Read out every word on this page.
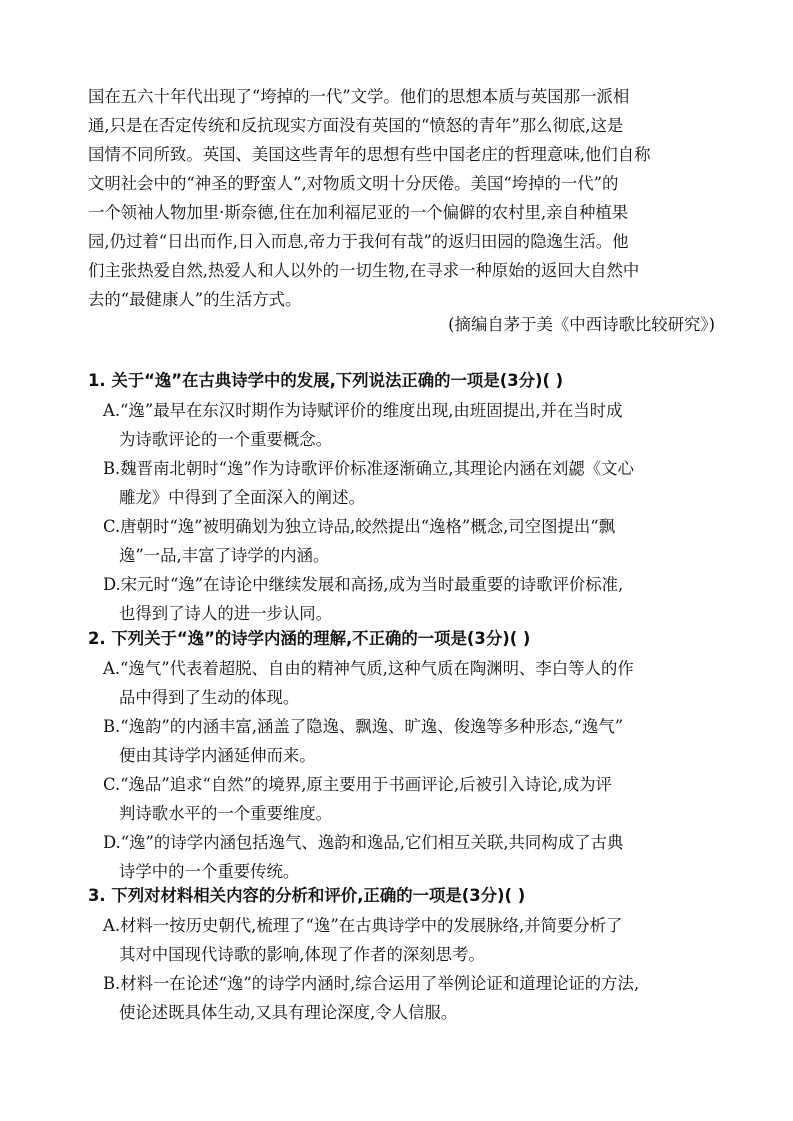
国在五六十年代出现了“垮掉的一代”文学。他们的思想本质与英国那一派相
通,只是在否定传统和反抗现实方面没有英国的“愤怒的青年”那么彻底,这是
国情不同所致。英国、美国这些青年的思想有些中国老庄的哲理意味,他们自称
文明社会中的“神圣的野蛮人”,对物质文明十分厌倦。美国“垮掉的一代”的
一个领袖人物加里·斯奈德,住在加利福尼亚的一个偏僻的农村里,亲自种植果
园,仍过着“日出而作,日入而息,帝力于我何有哉”的返归田园的隐逸生活。他
们主张热爱自然,热爱人和人以外的一切生物,在寻求一种原始的返回大自然中
去的“最健康人”的生活方式。
(摘编自茅于美《中西诗歌比较研究》)
1. 关于“逸”在古典诗学中的发展,下列说法正确的一项是(3分)( )
A.“逸”最早在东汉时期作为诗赋评价的维度出现,由班固提出,并在当时成
为诗歌评论的一个重要概念。
B.魏晋南北朝时“逸”作为诗歌评价标准逐渐确立,其理论内涵在刘勰《文心
雕龙》中得到了全面深入的阐述。
C.唐朝时“逸”被明确划为独立诗品,皎然提出“逸格”概念,司空图提出“飘
逸”一品,丰富了诗学的内涵。
D.宋元时“逸”在诗论中继续发展和高扬,成为当时最重要的诗歌评价标准,
也得到了诗人的进一步认同。
2. 下列关于“逸”的诗学内涵的理解,不正确的一项是(3分)( )
A.“逸气”代表着超脱、自由的精神气质,这种气质在陶渊明、李白等人的作
品中得到了生动的体现。
B.“逸韵”的内涵丰富,涵盖了隐逸、飘逸、旷逸、俊逸等多种形态,“逸气”
便由其诗学内涵延伸而来。
C.“逸品”追求“自然”的境界,原主要用于书画评论,后被引入诗论,成为评
判诗歌水平的一个重要维度。
D.“逸”的诗学内涵包括逸气、逸韵和逸品,它们相互关联,共同构成了古典
诗学中的一个重要传统。
3. 下列对材料相关内容的分析和评价,正确的一项是(3分)( )
A.材料一按历史朝代,梳理了“逸”在古典诗学中的发展脉络,并简要分析了
其对中国现代诗歌的影响,体现了作者的深刻思考。
B.材料一在论述“逸”的诗学内涵时,综合运用了举例论证和道理论证的方法,
使论述既具体生动,又具有理论深度,令人信服。
